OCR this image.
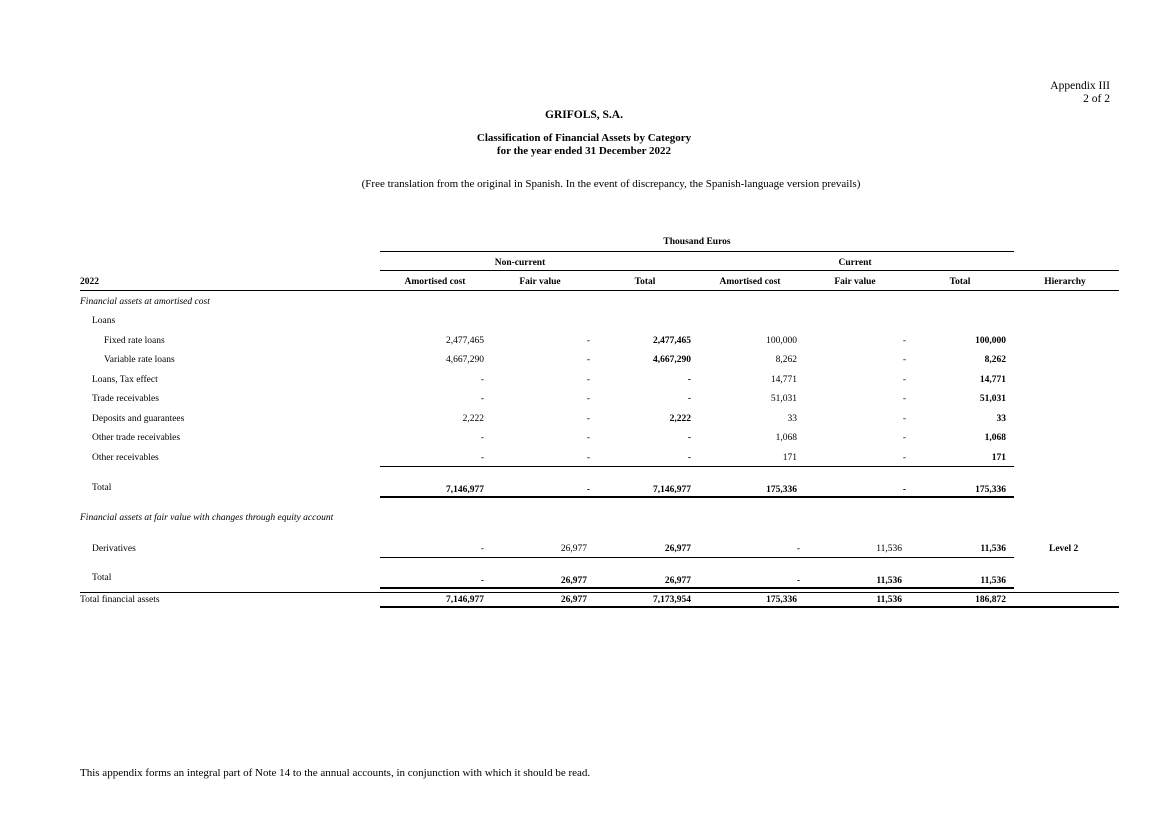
Appendix III
2 of 2
GRIFOLS, S.A.
Classification of Financial Assets by Category
for the year ended 31 December 2022
(Free translation from the original in Spanish. In the event of discrepancy, the Spanish-language version prevails)
Thousand Euros
Non-current	Current
2022	Amortised cost	Fair value	Total	Amortised cost	Fair value	Total	Hierarchy
Financial assets at amortised cost
Loans
Fixed rate loans	2,477,465	-	2,477,465	100,000	-	100,000
Variable rate loans	4,667,290	-	4,667,290	8,262	-	8,262
Loans, Tax effect	-	-	-	14,771	-	14,771
Trade receivables	-	-	-	51,031	-	51,031
Deposits and guarantees	2,222	-	2,222	33	-	33
Other trade receivables	-	-	-	1,068	-	1,068
Other receivables	-	-	-	171	-	171
Total	7,146,977	-	7,146,977	175,336	-	175,336
Financial assets at fair value with changes through equity account
Derivatives	-	26,977	26,977	-	11,536	11,536	Level 2
Total	-	26,977	26,977	-	11,536	11,536
Total financial assets	7,146,977	26,977	7,173,954	175,336	11,536	186,872
This appendix forms an integral part of Note 14 to the annual accounts, in conjunction with which it should be read.
